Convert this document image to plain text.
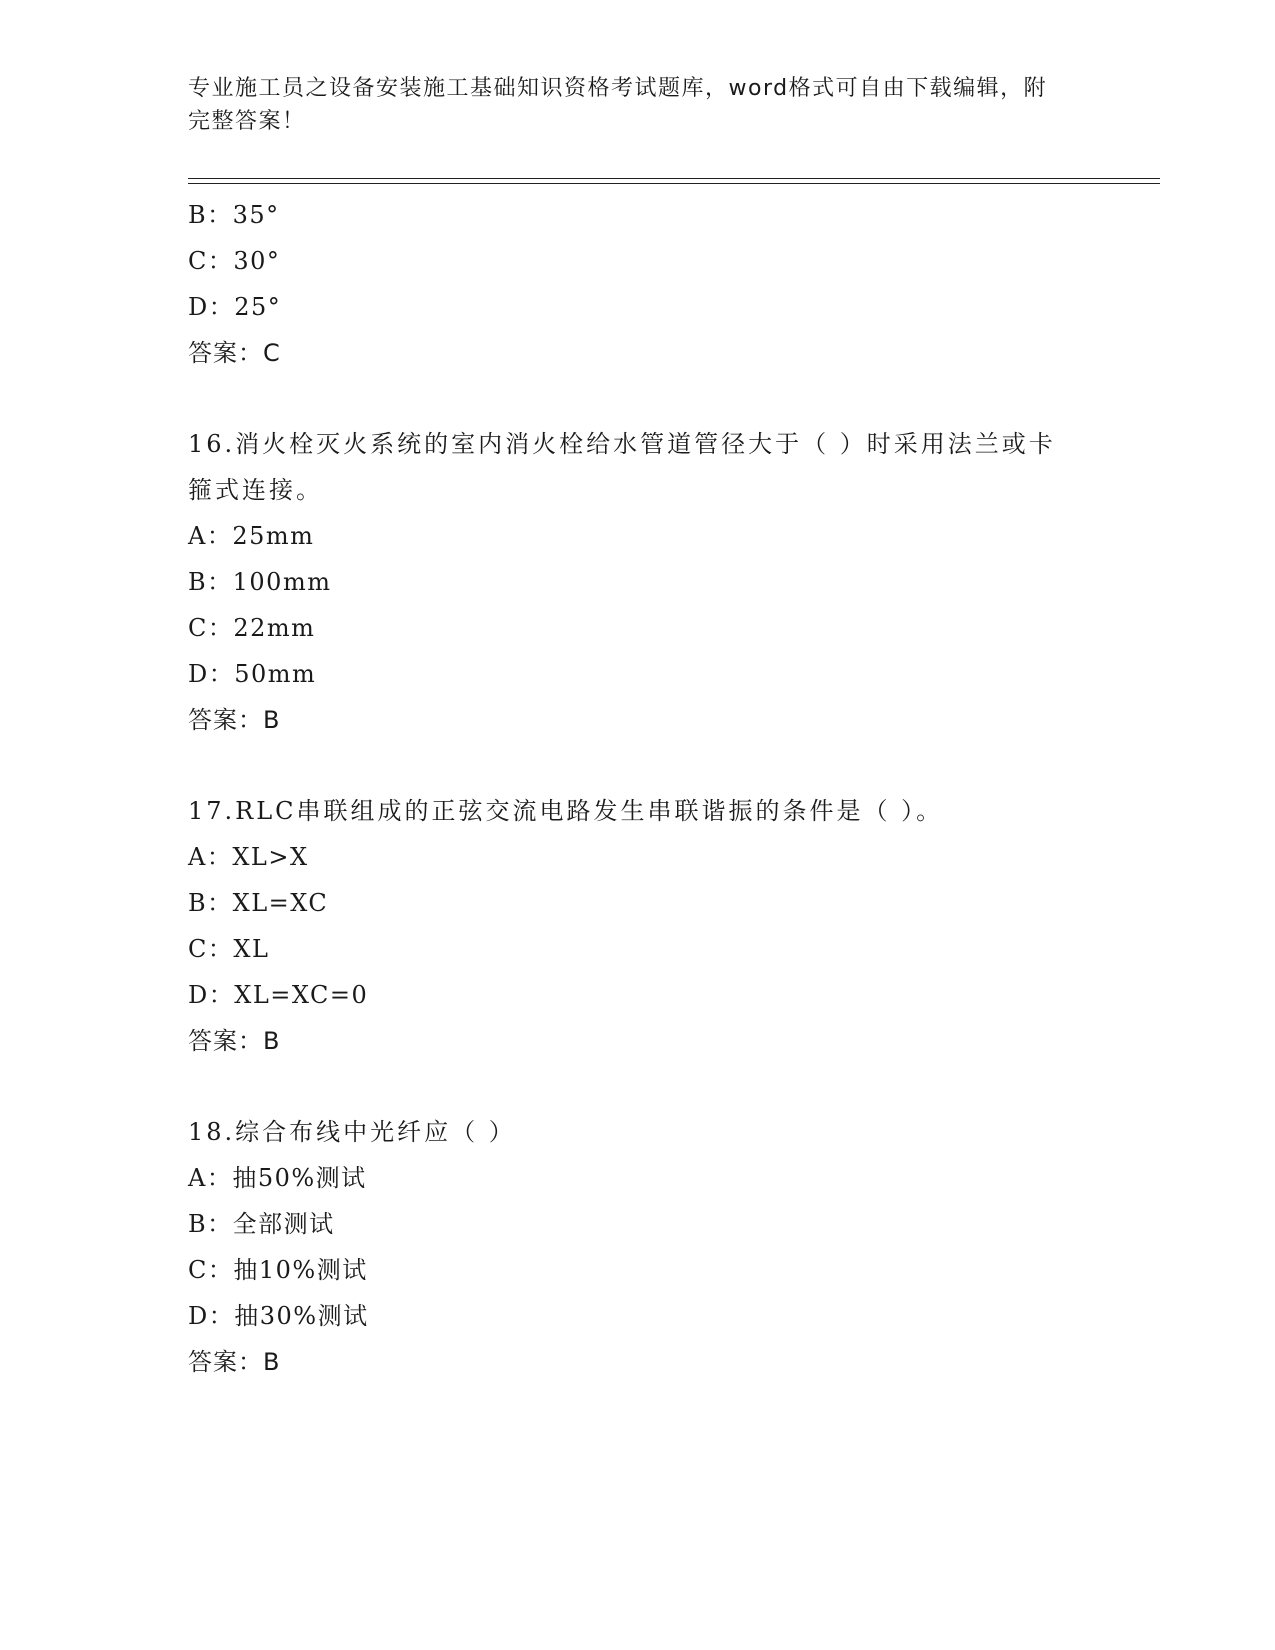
专业施工员之设备安装施工基础知识资格考试题库，word格式可自由下载编辑，附完整答案！
B：35°
C：30°
D：25°
答案：C
16.消火栓灭火系统的室内消火栓给水管道管径大于（ ）时采用法兰或卡箍式连接。
A：25mm
B：100mm
C：22mm
D：50mm
答案：B
17.RLC串联组成的正弦交流电路发生串联谐振的条件是（ ）。
A：XL>X
B：XL=XC
C：XL
D：XL=XC=0
答案：B
18.综合布线中光纤应（ ）
A：抽50%测试
B：全部测试
C：抽10%测试
D：抽30%测试
答案：B
